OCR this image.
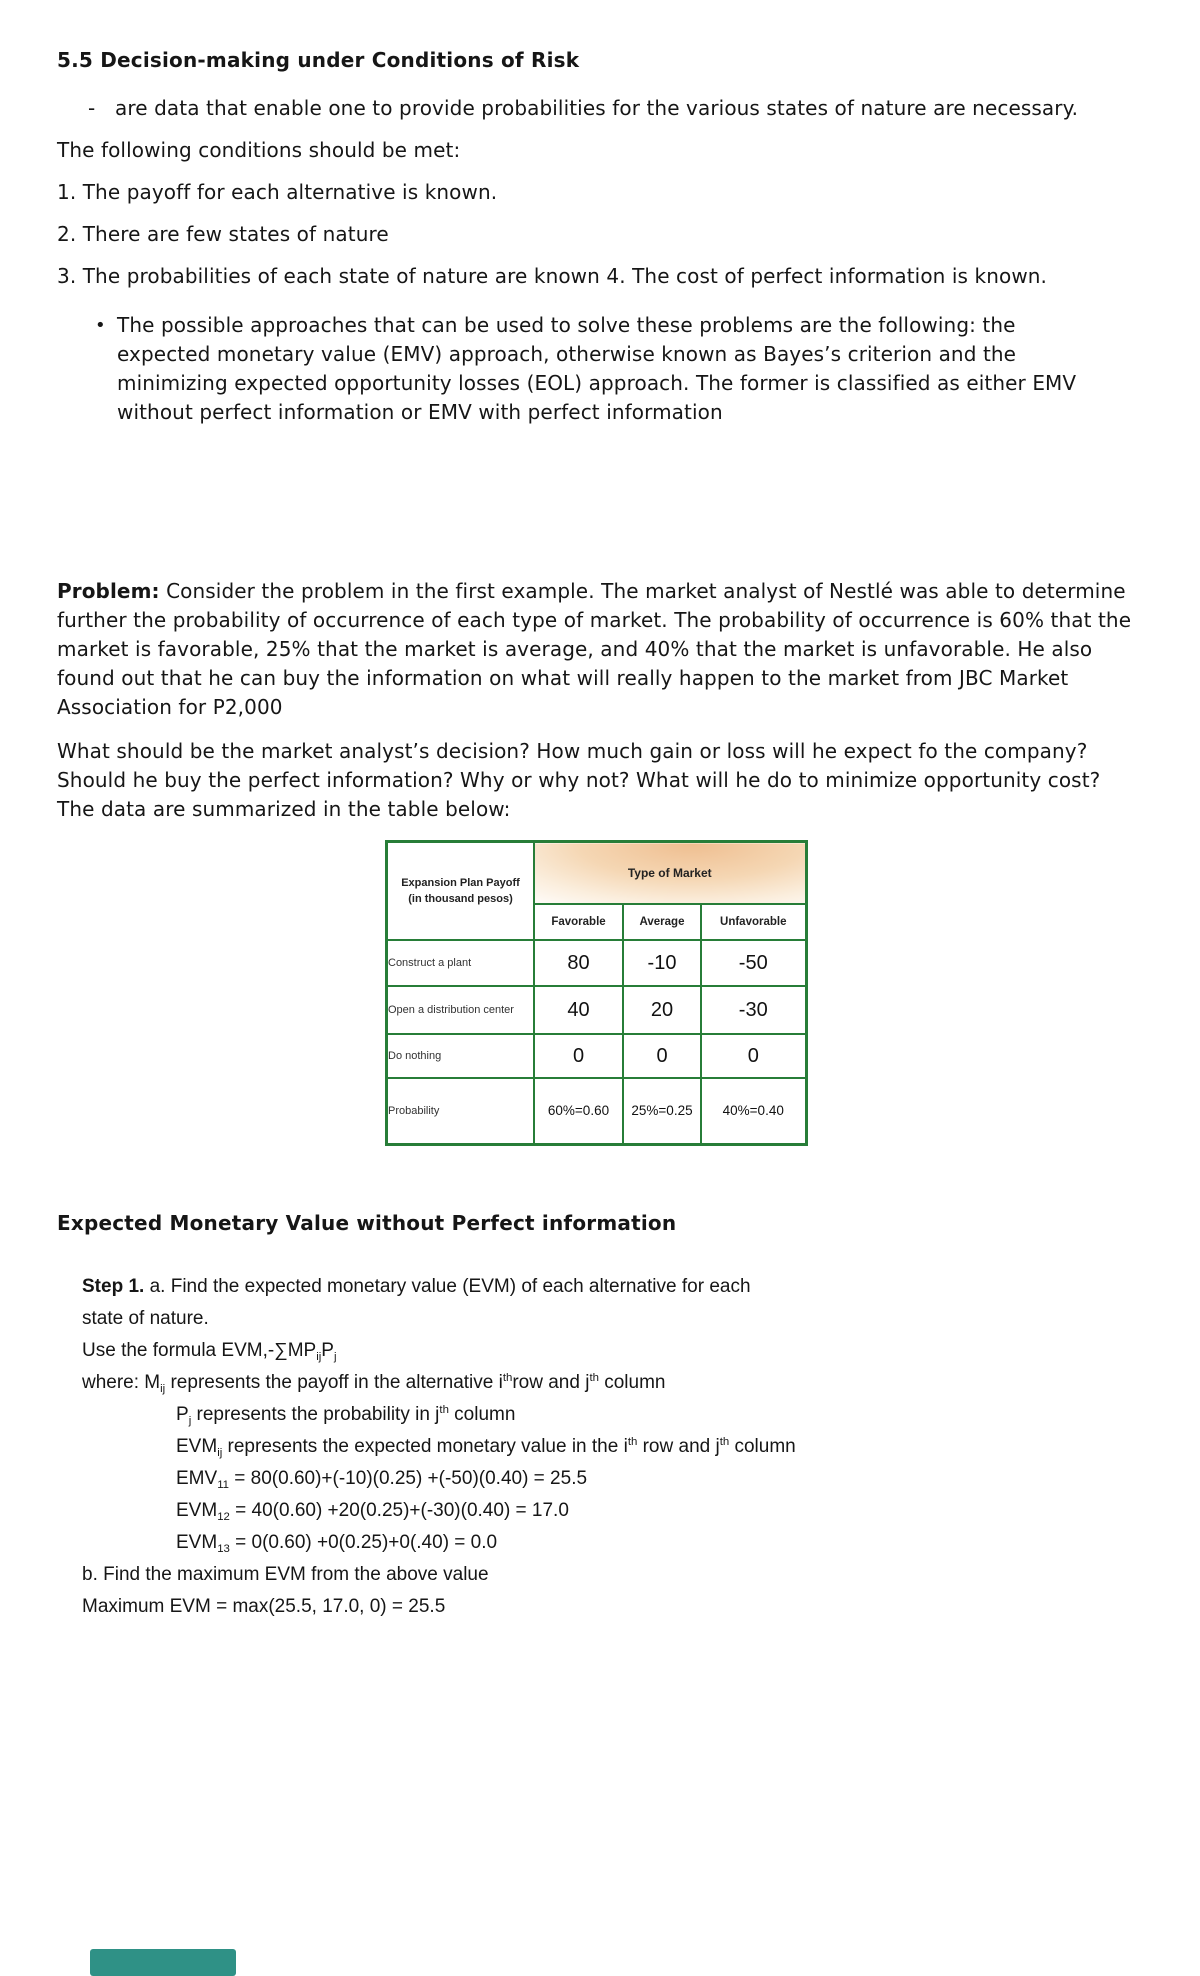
5.5 Decision-making under Conditions of Risk
- are data that enable one to provide probabilities for the various states of nature are necessary.

The following conditions should be met:

1. The payoff for each alternative is known.

2. There are few states of nature

3. The probabilities of each state of nature are known 4. The cost of perfect information is known.

• The possible approaches that can be used to solve these problems are the following: the expected monetary value (EMV) approach, otherwise known as Bayes’s criterion and the minimizing expected opportunity losses (EOL) approach. The former is classified as either EMV without perfect information or EMV with perfect information

Problem: Consider the problem in the first example. The market analyst of Nestlé was able to determine further the probability of occurrence of each type of market. The probability of occurrence is 60% that the market is favorable, 25% that the market is average, and 40% that the market is unfavorable. He also found out that he can buy the information on what will really happen to the market from JBC Market Association for P2,000

What should be the market analyst’s decision? How much gain or loss will he expect fo the company? Should he buy the perfect information? Why or why not? What will he do to minimize opportunity cost? The data are summarized in the table below:

Expansion Plan Payoff
(in thousand pesos)	Type of Market		
	Favorable	Average	Unfavorable
Construct a plant	80	-10	-50
Open a distribution center	40	20	-30
Do nothing	0	0	0
Probability	60%=0.60	25%=0.25	40%=0.40
Expected Monetary Value without Perfect information
Step 1. a. Find the expected monetary value (EVM) of each alternative for each
state of nature.
Use the formula $EVM,-\sum MP_{ij}P_j$
where: $M_{ij}$ represents the payoff in the alternative $i^{th}row$ and $j^{th}$ column
$P_j$ represents the probability in $j^{th}$ column
$EVM_{ij}$ represents the expected monetary value in the $i^{th}$ row and $j^{th}$ column
$EMV_{11} = 80(0.60)+(-10)(0.25) +(-50)(0.40) = 25.5$
$EVM_{12} = 40(0.60) +20(0.25)+(-30)(0.40) = 17.0$
$EVM_{13} = 0(0.60) +0(0.25)+0(.40) = 0.0$
b. Find the maximum EVM from the above value
Maximum EVM = max(25.5, 17.0, 0) = 25.5
